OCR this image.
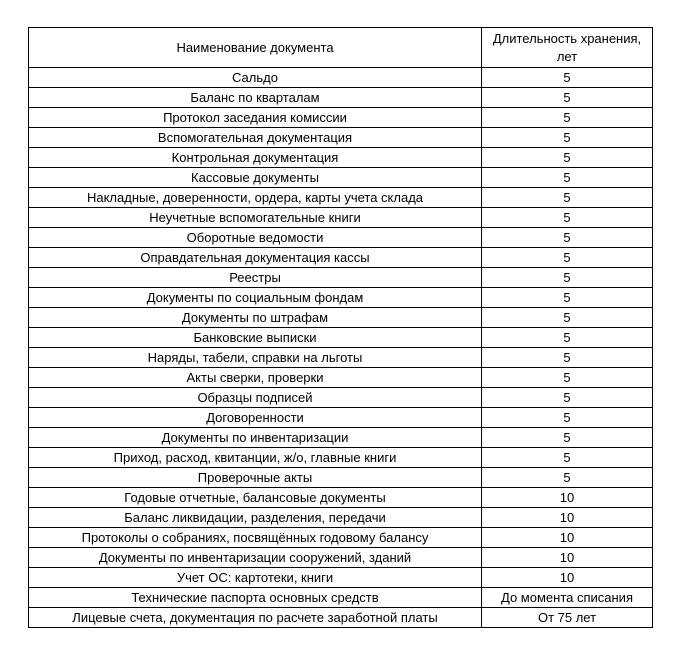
Наименование документа	Длительность хранения, лет
Сальдо	5
Баланс по кварталам	5
Протокол заседания комиссии	5
Вспомогательная документация	5
Контрольная документация	5
Кассовые документы	5
Накладные, доверенности, ордера, карты учета склада	5
Неучетные вспомогательные книги	5
Оборотные ведомости	5
Оправдательная документация кассы	5
Реестры	5
Документы по социальным фондам	5
Документы по штрафам	5
Банковские выписки	5
Наряды, табели, справки на льготы	5
Акты сверки, проверки	5
Образцы подписей	5
Договоренности	5
Документы по инвентаризации	5
Приход, расход, квитанции, ж/о, главные книги	5
Проверочные акты	5
Годовые отчетные, балансовые документы	10
Баланс ликвидации, разделения, передачи	10
Протоколы о собраниях, посвящённых годовому балансу	10
Документы по инвентаризации сооружений, зданий	10
Учет ОС: картотеки, книги	10
Технические паспорта основных средств	До момента списания
Лицевые счета, документация по расчете заработной платы	От 75 лет
